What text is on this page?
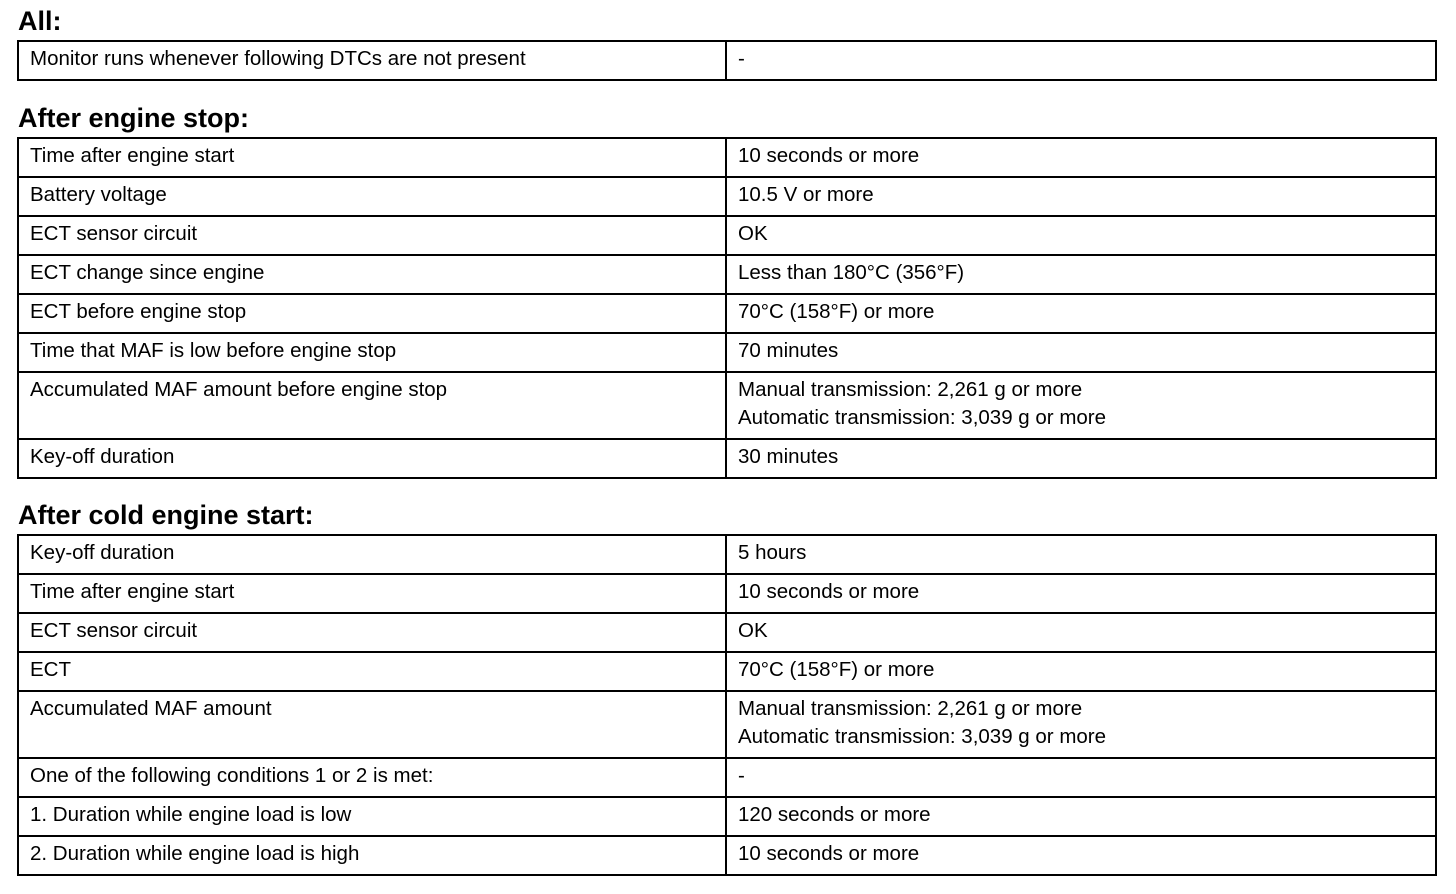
All:
Monitor runs whenever following DTCs are not present	-
After engine stop:
Time after engine start	10 seconds or more
Battery voltage	10.5 V or more
ECT sensor circuit	OK
ECT change since engine	Less than 180°C (356°F)
ECT before engine stop	70°C (158°F) or more
Time that MAF is low before engine stop	70 minutes
Accumulated MAF amount before engine stop	Manual transmission: 2,261 g or more
Automatic transmission: 3,039 g or more

Key-off duration	30 minutes
After cold engine start:
Key-off duration	5 hours
Time after engine start	10 seconds or more
ECT sensor circuit	OK
ECT	70°C (158°F) or more
Accumulated MAF amount	Manual transmission: 2,261 g or more
Automatic transmission: 3,039 g or more

One of the following conditions 1 or 2 is met:	-
1. Duration while engine load is low	120 seconds or more
2. Duration while engine load is high	10 seconds or more
